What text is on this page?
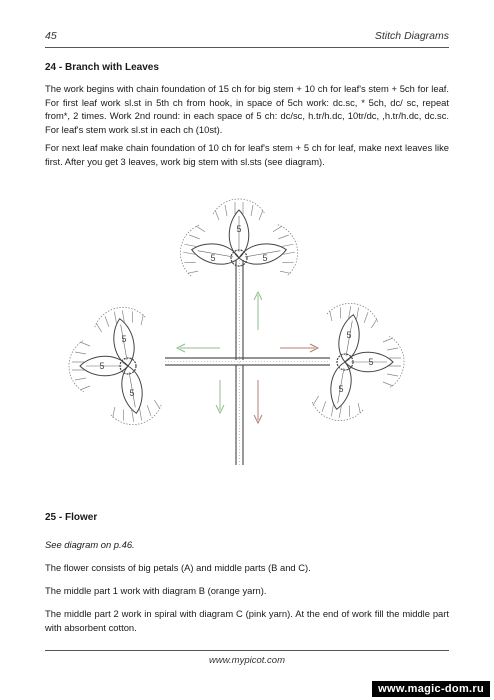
45	Stitch Diagrams
24 - Branch with Leaves
The work begins with chain foundation of 15 ch for big stem + 10 ch for leaf's stem + 5ch for leaf. For first leaf work sl.st in 5th ch from hook, in space of 5ch work: dc.sc, * 5ch, dc/ sc, repeat from*, 2 times. Work 2nd round: in each space of 5 ch: dc/sc, h.tr/h.dc, 10tr/dc, ,h.tr/h.dc, dc.sc. For leaf's stem work sl.st in each ch (10st).
For next leaf make chain foundation of 10 ch for leaf's stem + 5 ch for leaf, make next leaves like first. After you get 3 leaves, work big stem with sl.sts (see diagram).
5
5	5
5
5
5
5
5
5
25 - Flower
See diagram on p.46.
The flower consists of big petals (A) and middle parts (B and C).
The middle part 1 work with diagram B (orange yarn).
The middle part 2 work in spiral with diagram C (pink yarn). At the end of work fill the middle part with absorbent cotton.
www.mypicot.com
www.magic-dom.ru
